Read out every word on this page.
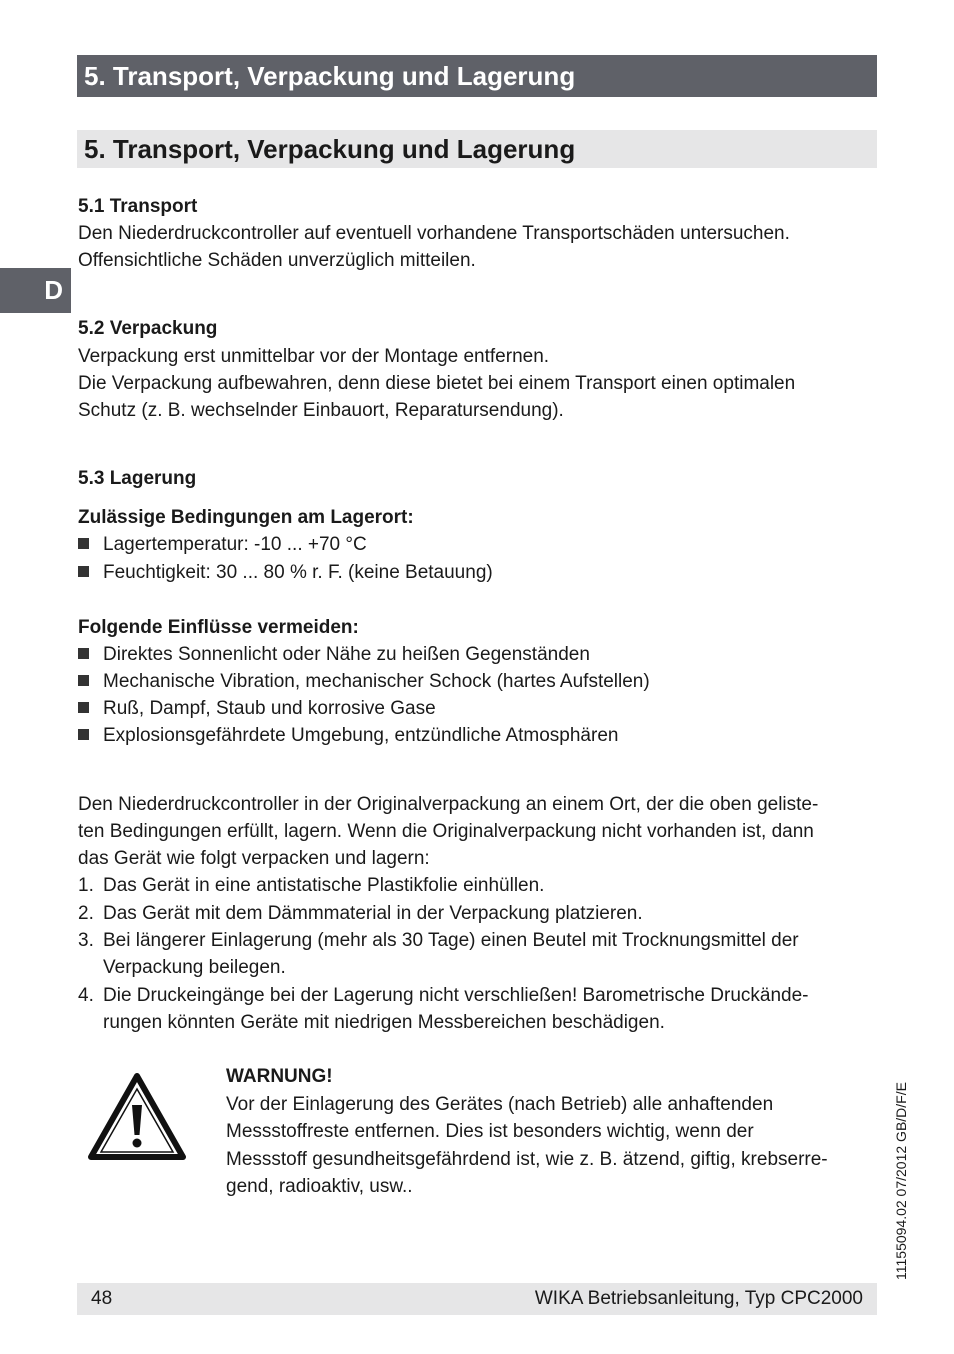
5. Transport, Verpackung und Lagerung
5. Transport, Verpackung und Lagerung
D
5.1 Transport
Den Niederdruckcontroller auf eventuell vorhandene Transportschäden untersuchen.
Offensichtliche Schäden unverzüglich mitteilen.
5.2 Verpackung
Verpackung erst unmittelbar vor der Montage entfernen.
Die Verpackung aufbewahren, denn diese bietet bei einem Transport einen optimalen
Schutz (z. B. wechselnder Einbauort, Reparatursendung).
5.3 Lagerung
Zulässige Bedingungen am Lagerort:
Lagertemperatur: -10 ... +70 °C
Feuchtigkeit: 30 ... 80 % r. F. (keine Betauung)
Folgende Einflüsse vermeiden:
Direktes Sonnenlicht oder Nähe zu heißen Gegenständen
Mechanische Vibration, mechanischer Schock (hartes Aufstellen)
Ruß, Dampf, Staub und korrosive Gase
Explosionsgefährdete Umgebung, entzündliche Atmosphären
Den Niederdruckcontroller in der Originalverpackung an einem Ort, der die oben geliste-
ten Bedingungen erfüllt, lagern. Wenn die Originalverpackung nicht vorhanden ist, dann
das Gerät wie folgt verpacken und lagern:
1. Das Gerät in eine antistatische Plastikfolie einhüllen.
2. Das Gerät mit dem Dämmmaterial in der Verpackung platzieren.
3. Bei längerer Einlagerung (mehr als 30 Tage) einen Beutel mit Trocknungsmittel der
Verpackung beilegen.
4. Die Druckeingänge bei der Lagerung nicht verschließen! Barometrische Druckände-
rungen könnten Geräte mit niedrigen Messbereichen beschädigen.
WARNUNG!
Vor der Einlagerung des Gerätes (nach Betrieb) alle anhaftenden
Messstoffreste entfernen. Dies ist besonders wichtig, wenn der
Messstoff gesundheitsgefährdend ist, wie z. B. ätzend, giftig, krebserre-
gend, radioaktiv, usw..	11155094.02 07/2012 GB/D/F/E
48	WIKA Betriebsanleitung, Typ CPC2000
